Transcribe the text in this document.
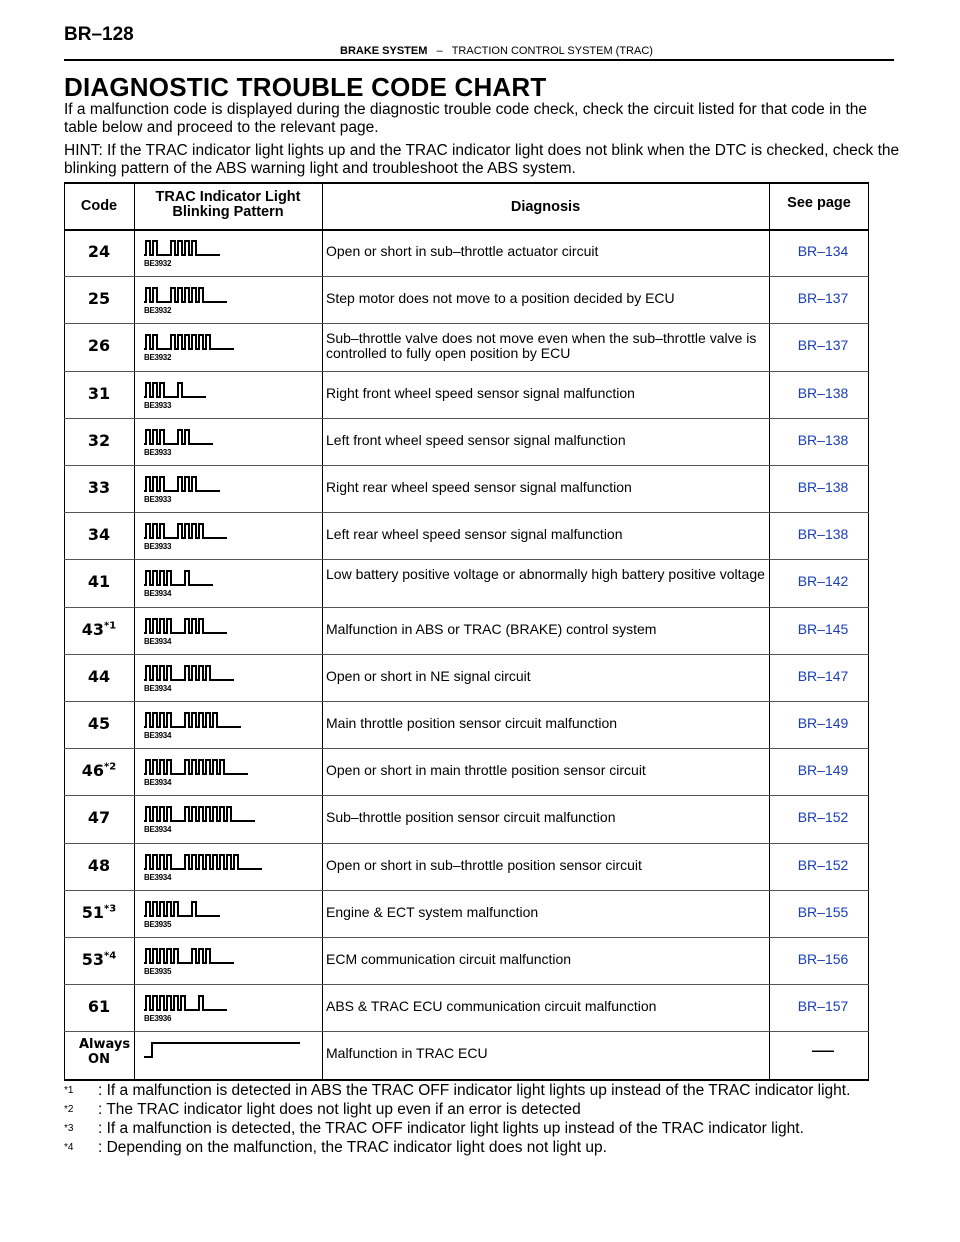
BR–128
BRAKE SYSTEM – TRACTION CONTROL SYSTEM (TRAC)
DIAGNOSTIC TROUBLE CODE CHART
If a malfunction code is displayed during the diagnostic trouble code check, check the circuit listed for that code in the table below and proceed to the relevant page.
HINT: If the TRAC indicator light lights up and the TRAC indicator light does not blink when the DTC is checked, check the blinking pattern of the ABS warning light and troubleshoot the ABS system.
Code
TRAC Indicator Light Blinking Pattern	Diagnosis	See page
24
BE3932
Open or short in sub–throttle actuator circuit	BR–134
25
BE3932
Step motor does not move to a position decided by ECU	BR–137
26
BE3932
Sub–throttle valve does not move even when the sub–throttle valve is controlled to fully open position by ECU	BR–137
31
BE3933
Right front wheel speed sensor signal malfunction	BR–138
32
BE3933
Left front wheel speed sensor signal malfunction	BR–138
33
BE3933
Right rear wheel speed sensor signal malfunction	BR–138
34
BE3933
Left rear wheel speed sensor signal malfunction	BR–138
41
BE3934
Low battery positive voltage or abnormally high battery positive voltage	BR–142
43$^{*1}$
BE3934
Malfunction in ABS or TRAC (BRAKE) control system	BR–145
44
BE3934
Open or short in NE signal circuit	BR–147
45
BE3934
Main throttle position sensor circuit malfunction	BR–149
46$^{*2}$
BE3934
Open or short in main throttle position sensor circuit	BR–149
47
BE3934
Sub–throttle position sensor circuit malfunction	BR–152
48
BE3934
Open or short in sub–throttle position sensor circuit	BR–152
51$^{*3}$
BE3935
Engine & ECT system malfunction	BR–155
53$^{*4}$
BE3935
ECM communication circuit malfunction	BR–156
61
BE3936
ABS & TRAC ECU communication circuit malfunction	BR–157
Always ON	Malfunction in TRAC ECU	—
$^{*1}$ : If a malfunction is detected in ABS the TRAC OFF indicator light lights up instead of the TRAC indicator light.
$^{*2}$ : The TRAC indicator light does not light up even if an error is detected
$^{*3}$ : If a malfunction is detected, the TRAC OFF indicator light lights up instead of the TRAC indicator light.
$^{*4}$ : Depending on the malfunction, the TRAC indicator light does not light up.
